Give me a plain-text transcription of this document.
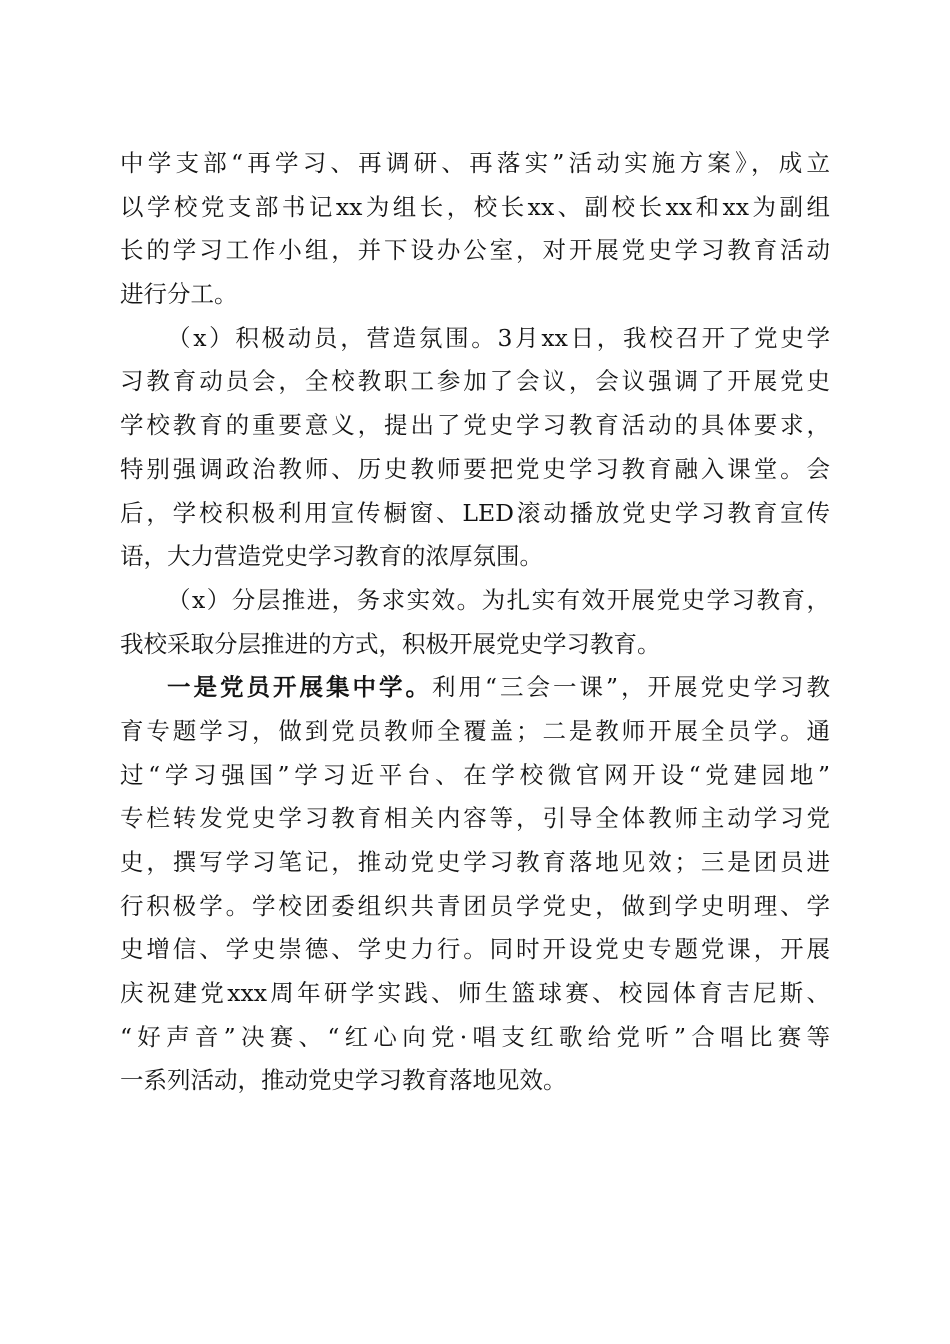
中学支部“再学习、再调研、再落实”活动实施方案》，成立
以学校党支部书记xx为组长，校长xx、副校长xx和xx为副组
长的学习工作小组，并下设办公室，对开展党史学习教育活动
进行分工。
（x）积极动员，营造氛围。3月xx日，我校召开了党史学
习教育动员会，全校教职工参加了会议，会议强调了开展党史
学校教育的重要意义，提出了党史学习教育活动的具体要求，
特别强调政治教师、历史教师要把党史学习教育融入课堂。会
后，学校积极利用宣传橱窗、LED滚动播放党史学习教育宣传
语，大力营造党史学习教育的浓厚氛围。
（x）分层推进，务求实效。为扎实有效开展党史学习教育，
我校采取分层推进的方式，积极开展党史学习教育。
一是党员开展集中学。利用“三会一课”，开展党史学习教
育专题学习，做到党员教师全覆盖；二是教师开展全员学。通
过“学习强国”学习近平台、在学校微官网开设“党建园地”
专栏转发党史学习教育相关内容等，引导全体教师主动学习党
史，撰写学习笔记，推动党史学习教育落地见效；三是团员进
行积极学。学校团委组织共青团员学党史，做到学史明理、学
史增信、学史崇德、学史力行。同时开设党史专题党课，开展
庆祝建党xxx周年研学实践、师生篮球赛、校园体育吉尼斯、
“好声音”决赛、“红心向党·唱支红歌给党听”合唱比赛等
一系列活动，推动党史学习教育落地见效。
